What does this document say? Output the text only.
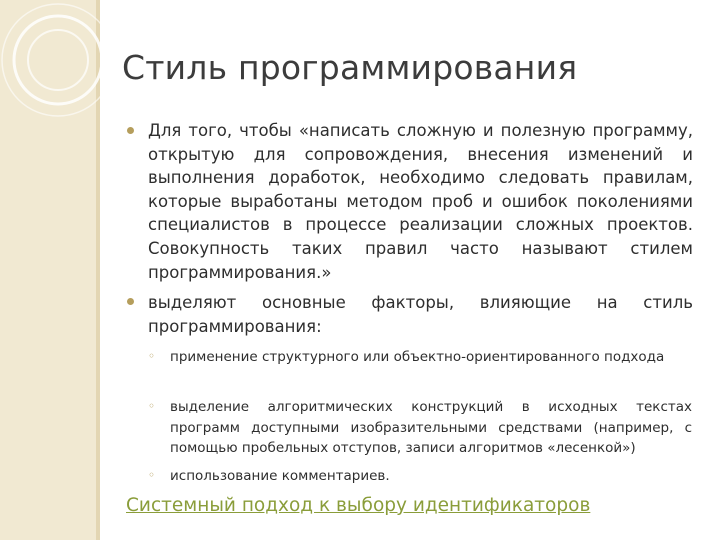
Стиль программирования
Для того, чтобы «написать сложную и полезную программу, открытую для сопровождения, внесения изменений и выполнения доработок, необходимо следовать правилам, которые выработаны методом проб и ошибок поколениями специалистов в процессе реализации сложных проектов. Совокупность таких правил часто называют стилем программирования.»
выделяют основные факторы, влияющие на стиль программирования:
◦ применение структурного или объектно-ориентированного подхода
◦ выделение алгоритмических конструкций в исходных текстах программ доступными изобразительными средствами (например, с помощью пробельных отступов, записи алгоритмов «лесенкой»)
◦ использование комментариев.
Системный подход к выбору идентификаторов
